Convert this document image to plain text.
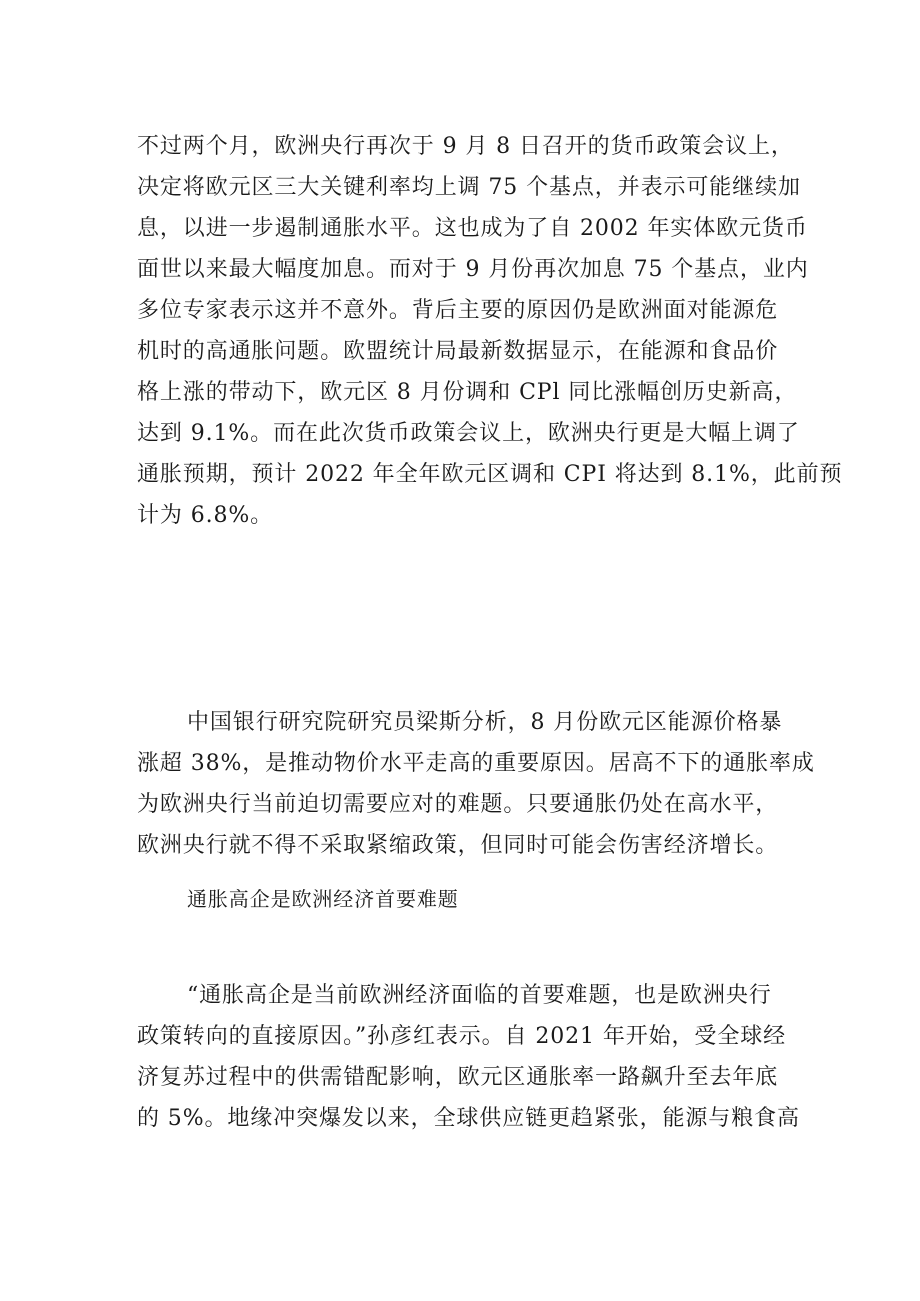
不过两个月，欧洲央行再次于 9 月 8 日召开的货币政策会议上，
决定将欧元区三大关键利率均上调 75 个基点，并表示可能继续加
息，以进一步遏制通胀水平。这也成为了自 2002 年实体欧元货币
面世以来最大幅度加息。而对于 9 月份再次加息 75 个基点，业内
多位专家表示这并不意外。背后主要的原因仍是欧洲面对能源危
机时的高通胀问题。欧盟统计局最新数据显示，在能源和食品价
格上涨的带动下，欧元区 8 月份调和 CPl 同比涨幅创历史新高，
达到 9.1%。而在此次货币政策会议上，欧洲央行更是大幅上调了
通胀预期，预计 2022 年全年欧元区调和 CPI 将达到 8.1%，此前预
计为 6.8%。
中国银行研究院研究员梁斯分析，8 月份欧元区能源价格暴
涨超 38%，是推动物价水平走高的重要原因。居高不下的通胀率成
为欧洲央行当前迫切需要应对的难题。只要通胀仍处在高水平，
欧洲央行就不得不采取紧缩政策，但同时可能会伤害经济增长。
通胀高企是欧洲经济首要难题
“通胀高企是当前欧洲经济面临的首要难题，也是欧洲央行
政策转向的直接原因。”孙彦红表示。自 2021 年开始，受全球经
济复苏过程中的供需错配影响，欧元区通胀率一路飙升至去年底
的 5%。地缘冲突爆发以来，全球供应链更趋紧张，能源与粮食高
